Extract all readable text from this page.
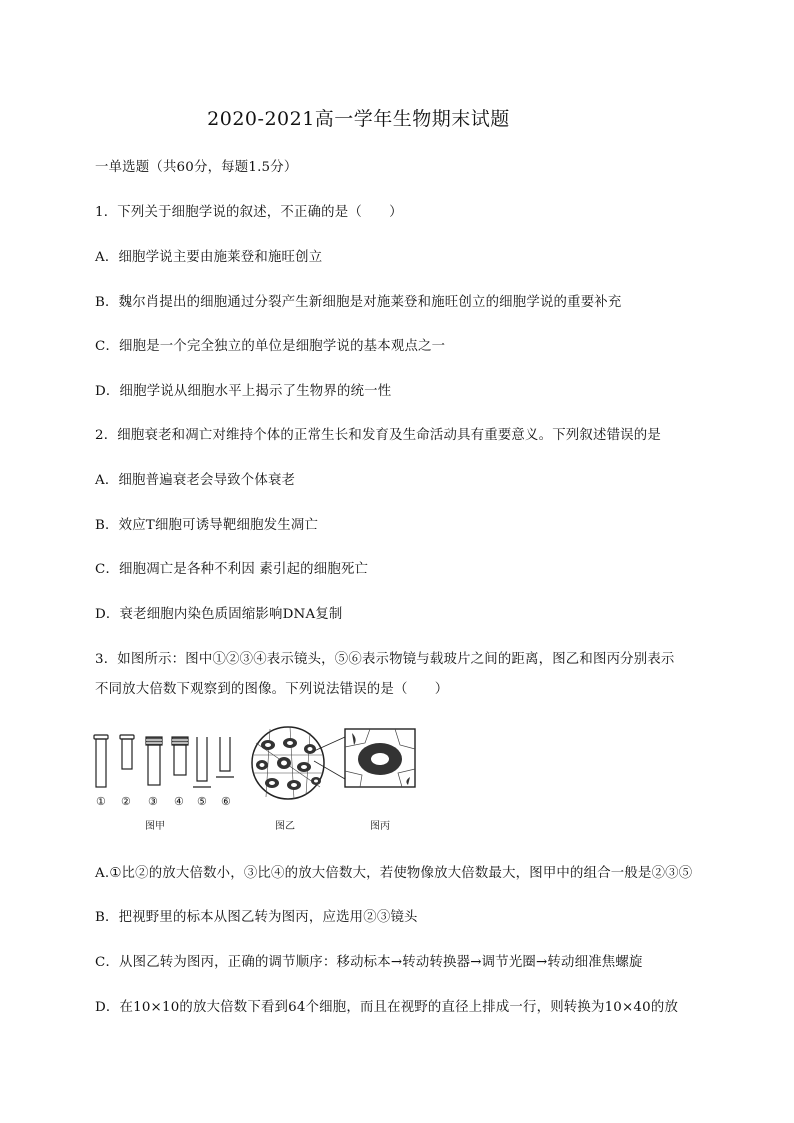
2020-2021高一学年生物期末试题

一单选题（共60分，每题1.5分）

1．下列关于细胞学说的叙述，不正确的是（　　）

A．细胞学说主要由施莱登和施旺创立

B．魏尔肖提出的细胞通过分裂产生新细胞是对施莱登和施旺创立的细胞学说的重要补充

C．细胞是一个完全独立的单位是细胞学说的基本观点之一

D．细胞学说从细胞水平上揭示了生物界的统一性

2．细胞衰老和凋亡对维持个体的正常生长和发育及生命活动具有重要意义。下列叙述错误的是

A．细胞普遍衰老会导致个体衰老

B．效应T细胞可诱导靶细胞发生凋亡

C．细胞凋亡是各种不利因 素引起的细胞死亡

D．衰老细胞内染色质固缩影响DNA复制

3．如图所示：图中①②③④表示镜头，⑤⑥表示物镜与载玻片之间的距离，图乙和图丙分别表示

不同放大倍数下观察到的图像。下列说法错误的是（　　）

① ② ③ ④ ⑤ ⑥
图甲	图乙	图丙

A.①比②的放大倍数小，③比④的放大倍数大，若使物像放大倍数最大，图甲中的组合一般是②③⑤

B．把视野里的标本从图乙转为图丙，应选用②③镜头

C．从图乙转为图丙，正确的调节顺序：移动标本→转动转换器→调节光圈→转动细准焦螺旋

D．在10×10的放大倍数下看到64个细胞，而且在视野的直径上排成一行，则转换为10×40的放
